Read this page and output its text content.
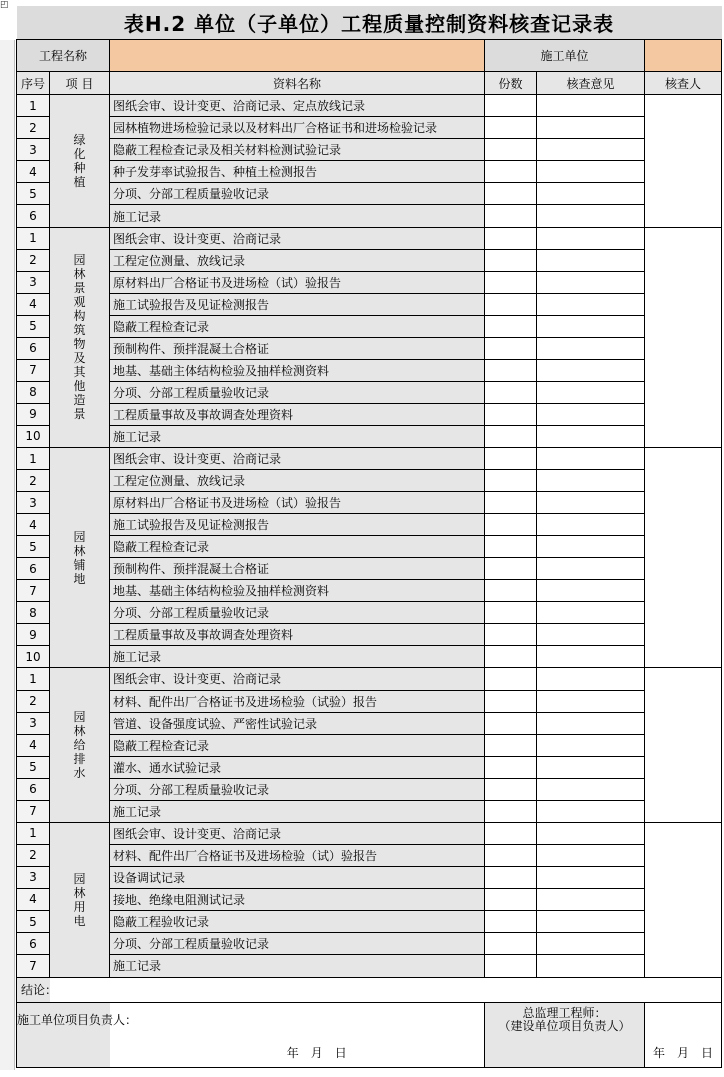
◰
表H.2 单位（子单位）工程质量控制资料核查记录表					
工程名称			施工单位		
序号	项 目	资料名称	份数	核查意见	核查人
1	绿化种植	图纸会审、设计变更、洽商记录、定点放线记录			
2		园林植物进场检验记录以及材料出厂合格证书和进场检验记录			
3		隐蔽工程检查记录及相关材料检测试验记录			
4		种子发芽率试验报告、种植土检测报告			
5		分项、分部工程质量验收记录			
6		施工记录			
1	园林景观构筑物及其他造景	图纸会审、设计变更、洽商记录			
2		工程定位测量、放线记录			
3		原材料出厂合格证书及进场检（试）验报告			
4		施工试验报告及见证检测报告			
5		隐蔽工程检查记录			
6		预制构件、预拌混凝土合格证			
7		地基、基础主体结构检验及抽样检测资料			
8		分项、分部工程质量验收记录			
9		工程质量事故及事故调查处理资料			
10		施工记录			
1	园林铺地	图纸会审、设计变更、洽商记录			
2		工程定位测量、放线记录			
3		原材料出厂合格证书及进场检（试）验报告			
4		施工试验报告及见证检测报告			
5		隐蔽工程检查记录			
6		预制构件、预拌混凝土合格证			
7		地基、基础主体结构检验及抽样检测资料			
8		分项、分部工程质量验收记录			
9		工程质量事故及事故调查处理资料			
10		施工记录			
1	园林给排水	图纸会审、设计变更、洽商记录			
2		材料、配件出厂合格证书及进场检验（试验）报告			
3		管道、设备强度试验、严密性试验记录			
4		隐蔽工程检查记录			
5		灌水、通水试验记录			
6		分项、分部工程质量验收记录			
7		施工记录			
1	园林用电	图纸会审、设计变更、洽商记录			
2		材料、配件出厂合格证书及进场检验（试）验报告			
3		设备调试记录			
4		接地、绝缘电阻测试记录			
5		隐蔽工程验收记录			
6		分项、分部工程质量验收记录			
7		施工记录			
结论：					
施工单位项目负责人：		年　月　日	总监理工程师：
（建设单位项目负责人）		年　月　日
